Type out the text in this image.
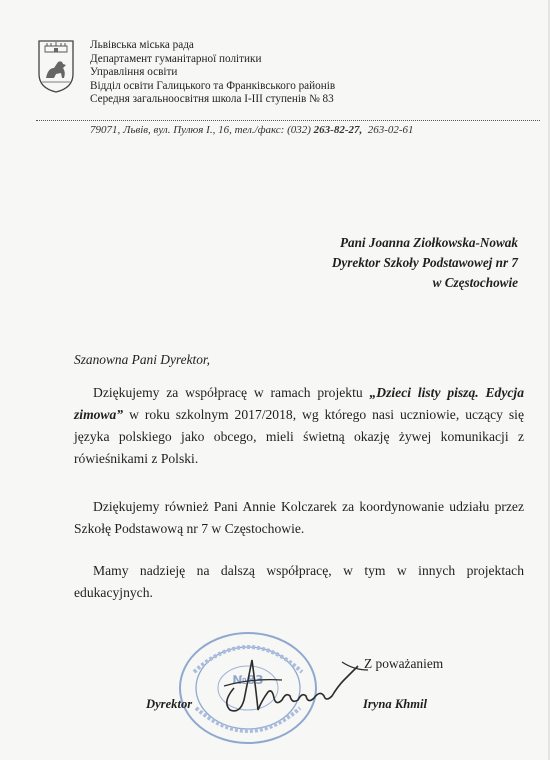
Львівська міська рада
Департамент гуманітарної політики
Управління освіти
Відділ освіти Галицького та Франківського районів
Середня загальноосвітня школа І-ІІІ ступенів № 83
79071, Львів, вул. Пулюя І., 16, тел./факс: (032) 263-82-27, 263-02-61
Pani Joanna Ziołkowska-Nowak
Dyrektor Szkoły Podstawowej nr 7
w Częstochowie
Szanowna Pani Dyrektor,
Dziękujemy za współpracę w ramach projektu „Dzieci listy piszą. Edycja zimowa” w roku szkolnym 2017/2018, wg którego nasi uczniowie, uczący się języka polskiego jako obcego, mieli świetną okazję żywej komunikacji z rówieśnikami z Polski.
Dziękujemy również Pani Annie Kolczarek za koordynowanie udziału przez Szkołę Podstawową nr 7 w Częstochowie.
Mamy nadzieję na dalszą współpracę, w tym w innych projektach edukacyjnych.
№83
Z poważaniem
Dyrektor	Iryna Khmil
